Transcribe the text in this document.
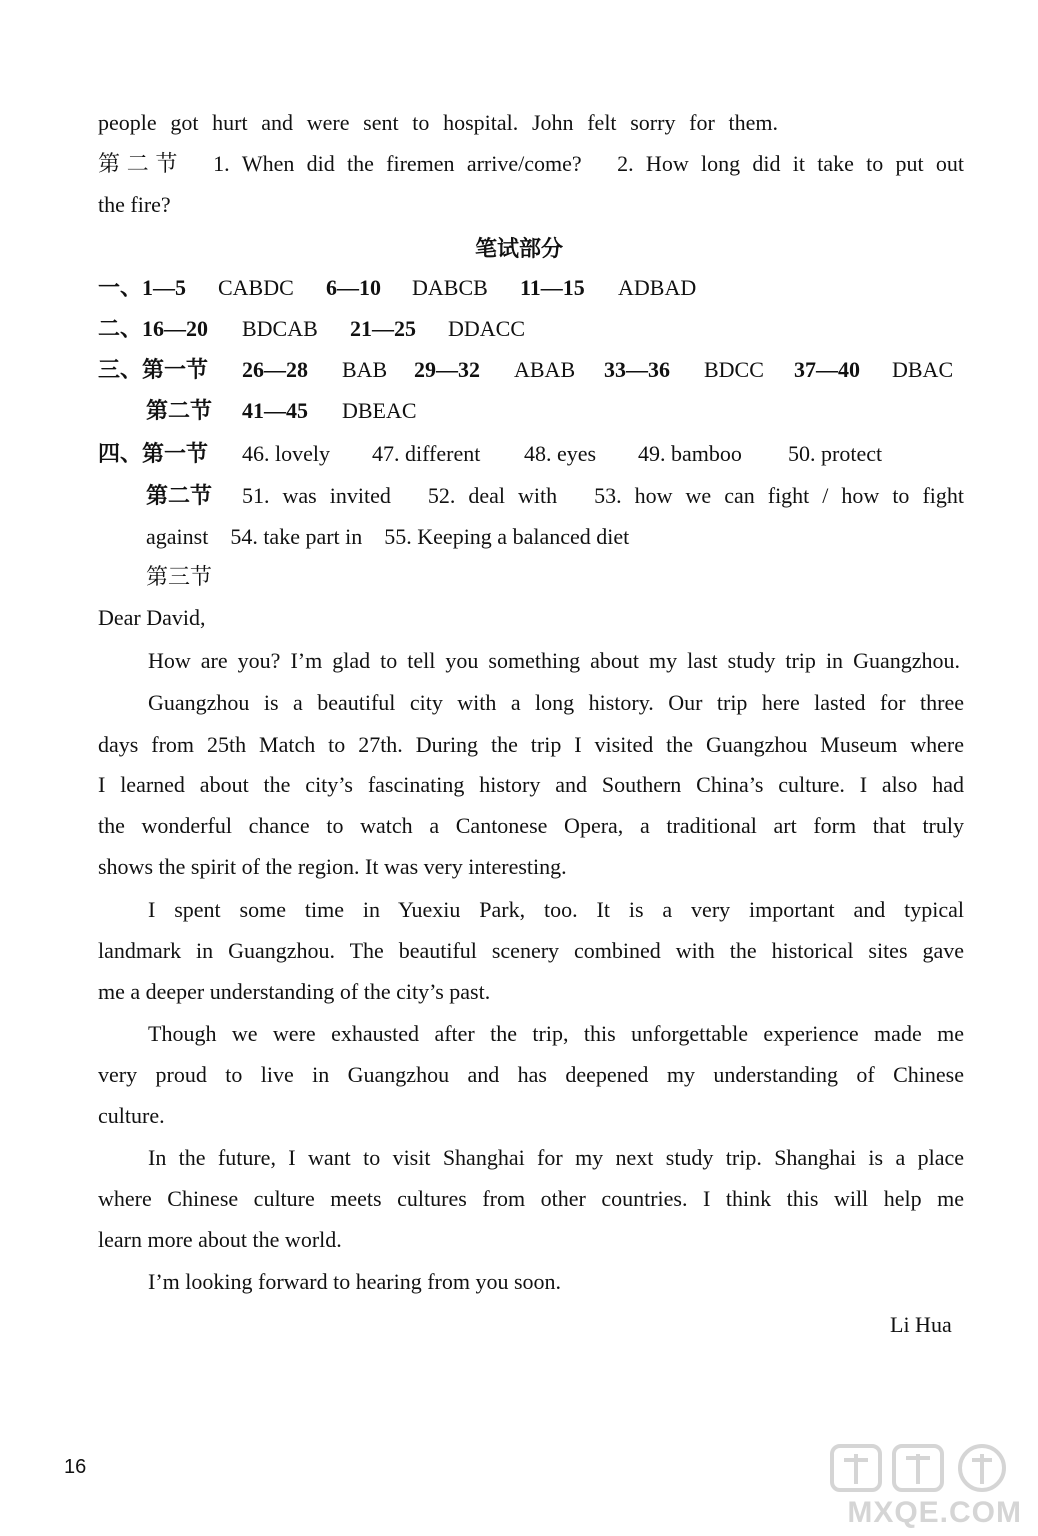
people got hurt and were sent to hospital. John felt sorry for them.
第二节　1. When did the firemen arrive/come?　2. How long did it take to put out
the fire?
笔试部分
一、1—5 CABDC 6—10 DABCB 11—15 ADBAD
二、16—20 BDCAB 21—25 DDACC
三、第一节 26—28 BAB 29—32 ABAB 33—36 BDCC 37—40 DBAC
第二节 41—45 DBEAC
四、第一节 46. lovely 47. different 48. eyes 49. bamboo 50. protect
第二节 51. was invited　52. deal with　53. how we can fight / how to fight
against　54. take part in　55. Keeping a balanced diet
第三节
Dear David,
How are you? I’m glad to tell you something about my last study trip in Guangzhou.
Guangzhou is a beautiful city with a long history. Our trip here lasted for three
days from 25th Match to 27th. During the trip I visited the Guangzhou Museum where
I learned about the city’s fascinating history and Southern China’s culture. I also had
the wonderful chance to watch a Cantonese Opera, a traditional art form that truly
shows the spirit of the region. It was very interesting.
I spent some time in Yuexiu Park, too. It is a very important and typical
landmark in Guangzhou. The beautiful scenery combined with the historical sites gave
me a deeper understanding of the city’s past.
Though we were exhausted after the trip, this unforgettable experience made me
very proud to live in Guangzhou and has deepened my understanding of Chinese
culture.
In the future, I want to visit Shanghai for my next study trip. Shanghai is a place
where Chinese culture meets cultures from other countries. I think this will help me
learn more about the world.
I’m looking forward to hearing from you soon.
Li Hua
16
MXQE.COM
